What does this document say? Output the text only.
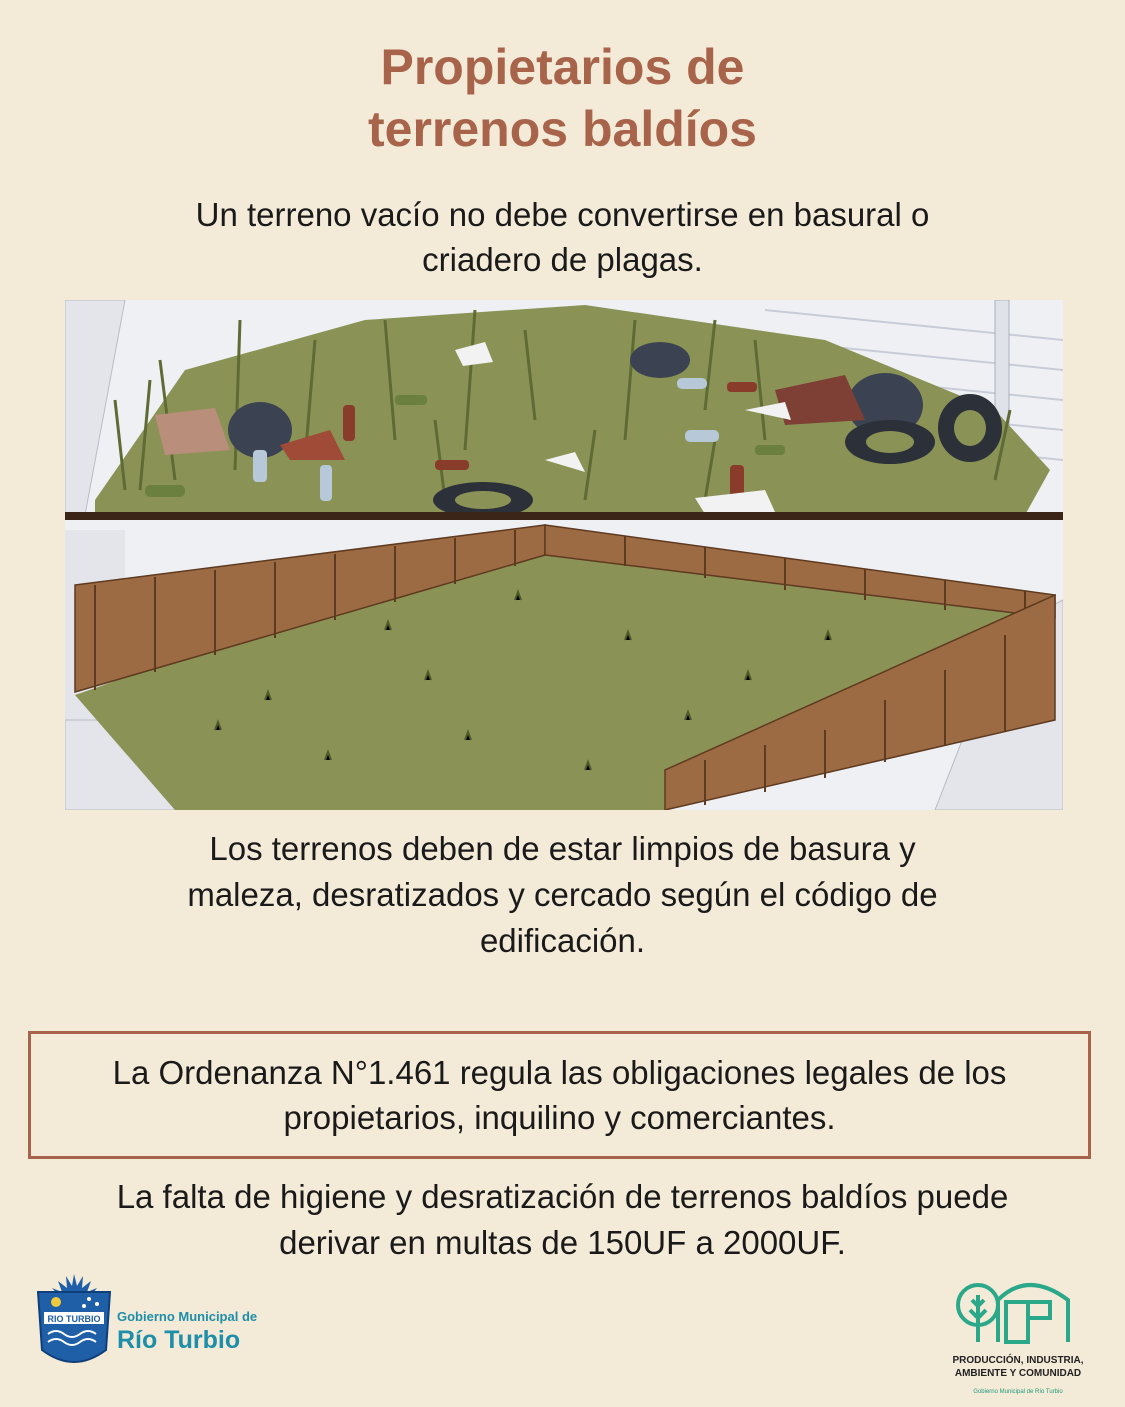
Propietarios de
terrenos baldíos
Un terreno vacío no debe convertirse en basural o
criadero de plagas.
Los terrenos deben de estar limpios de basura y
maleza, desratizados y cercado según el código de
edificación.
La Ordenanza N°1.461 regula las obligaciones legales de los
propietarios, inquilino y comerciantes.
La falta de higiene y desratización de terrenos baldíos puede
derivar en multas de 150UF a 2000UF.
RIO TURBIO Gobierno Municipal de
Río Turbio
PRODUCCIÓN, INDUSTRIA,
AMBIENTE Y COMUNIDAD
Gobierno Municipal de Río Turbio
